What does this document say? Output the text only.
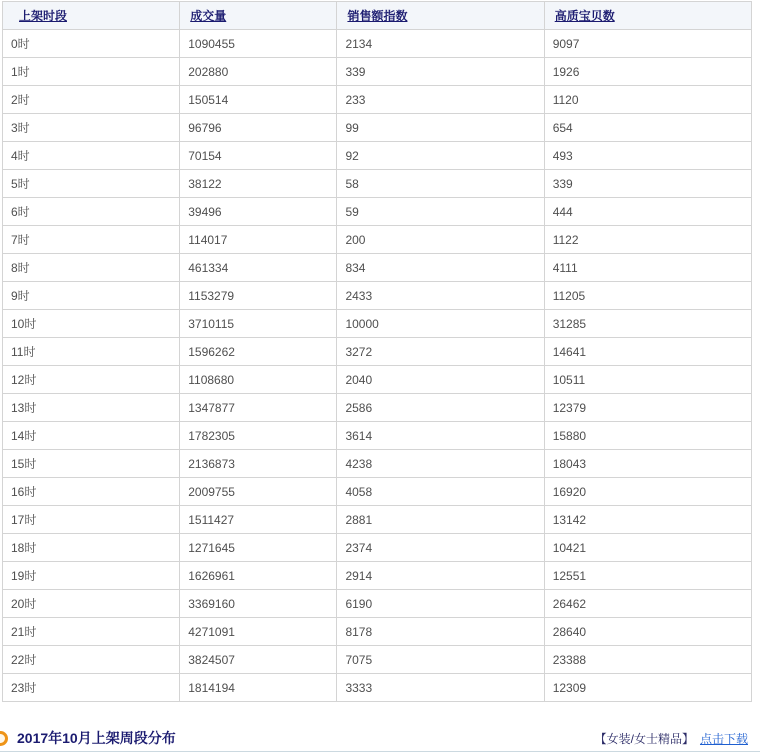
上架时段	成交量	销售额指数	高质宝贝数
0时	1090455	2134	9097
1时	202880	339	1926
2时	150514	233	1120
3时	96796	99	654
4时	70154	92	493
5时	38122	58	339
6时	39496	59	444
7时	114017	200	1122
8时	461334	834	4111
9时	1153279	2433	11205
10时	3710115	10000	31285
11时	1596262	3272	14641
12时	1108680	2040	10511
13时	1347877	2586	12379
14时	1782305	3614	15880
15时	2136873	4238	18043
16时	2009755	4058	16920
17时	1511427	2881	13142
18时	1271645	2374	10421
19时	1626961	2914	12551
20时	3369160	6190	26462
21时	4271091	8178	28640
22时	3824507	7075	23388
23时	1814194	3333	12309
2017年10月上架周段分布	【女装/女士精品】 点击下载
